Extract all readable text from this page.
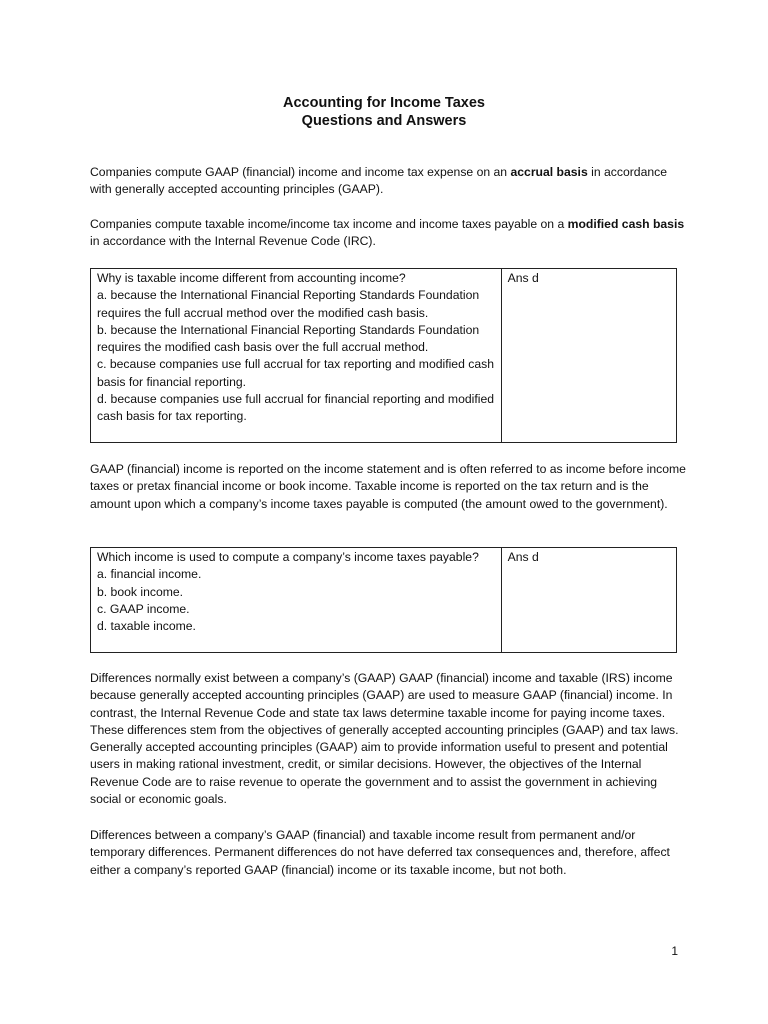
Accounting for Income Taxes
Questions and Answers

Companies compute GAAP (financial) income and income tax expense on an accrual basis in accordance with generally accepted accounting principles (GAAP).

Companies compute taxable income/income tax income and income taxes payable on a modified cash basis in accordance with the Internal Revenue Code (IRC).

Why is taxable income different from accounting income?
a. because the International Financial Reporting Standards Foundation requires the full accrual method over the modified cash basis.
b. because the International Financial Reporting Standards Foundation requires the modified cash basis over the full accrual method.
c. because companies use full accrual for tax reporting and modified cash basis for financial reporting.
d. because companies use full accrual for financial reporting and modified cash basis for tax reporting.
	Ans d

GAAP (financial) income is reported on the income statement and is often referred to as income before income taxes or pretax financial income or book income. Taxable income is reported on the tax return and is the amount upon which a company’s income taxes payable is computed (the amount owed to the government).

Which income is used to compute a company’s income taxes payable?
a. financial income.
b. book income.
c. GAAP income.
d. taxable income.
	Ans d

Differences normally exist between a company’s (GAAP) GAAP (financial) income and taxable (IRS) income because generally accepted accounting principles (GAAP) are used to measure GAAP (financial) income. In contrast, the Internal Revenue Code and state tax laws determine taxable income for paying income taxes. These differences stem from the objectives of generally accepted accounting principles (GAAP) and tax laws. Generally accepted accounting principles (GAAP) aim to provide information useful to present and potential users in making rational investment, credit, or similar decisions. However, the objectives of the Internal Revenue Code are to raise revenue to operate the government and to assist the government in achieving social or economic goals.

Differences between a company’s GAAP (financial) and taxable income result from permanent and/or temporary differences. Permanent differences do not have deferred tax consequences and, therefore, affect either a company’s reported GAAP (financial) income or its taxable income, but not both.

1
